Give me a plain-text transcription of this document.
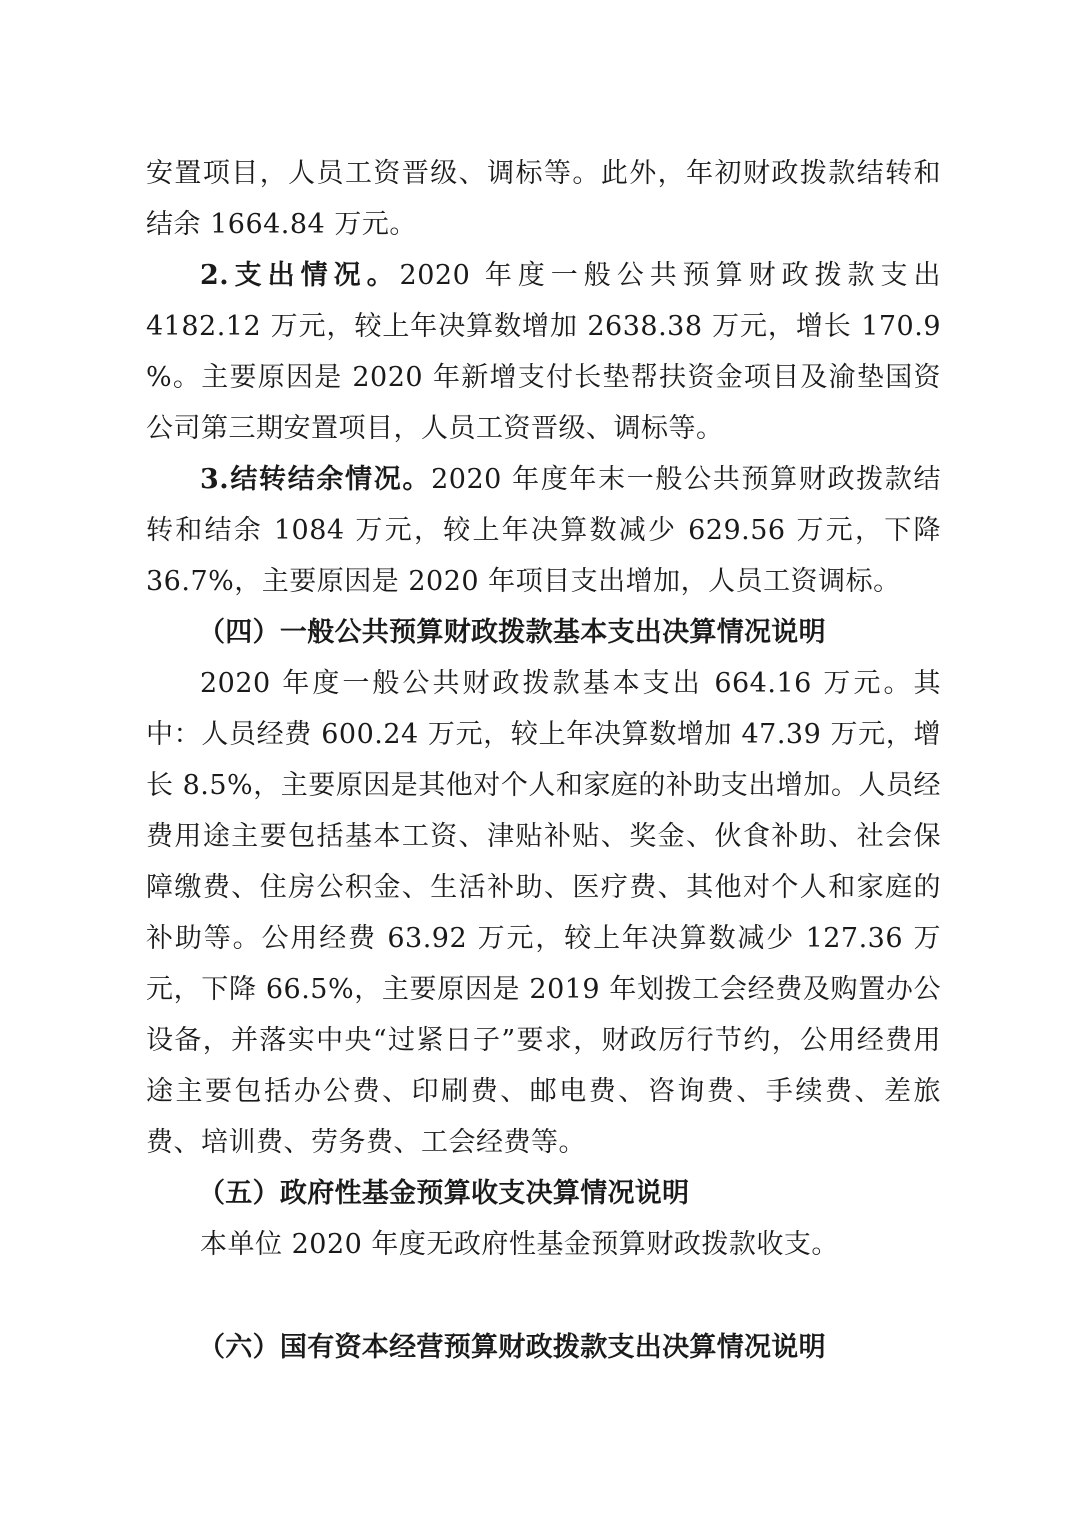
安置项目，人员工资晋级、调标等。此外，年初财政拨款结转和结余 1664.84 万元。

2.支出情况。2020 年度一般公共预算财政拨款支出 4182.12 万元，较上年决算数增加 2638.38 万元，增长 170.9 %。主要原因是 2020 年新增支付长垫帮扶资金项目及渝垫国资公司第三期安置项目，人员工资晋级、调标等。

3.结转结余情况。2020 年度年末一般公共预算财政拨款结转和结余 1084 万元，较上年决算数减少 629.56 万元，下降 36.7%，主要原因是 2020 年项目支出增加，人员工资调标。

（四）一般公共预算财政拨款基本支出决算情况说明

2020 年度一般公共财政拨款基本支出 664.16 万元。其中：人员经费 600.24 万元，较上年决算数增加 47.39 万元，增长 8.5%，主要原因是其他对个人和家庭的补助支出增加。人员经费用途主要包括基本工资、津贴补贴、奖金、伙食补助、社会保障缴费、住房公积金、生活补助、医疗费、其他对个人和家庭的补助等。公用经费 63.92 万元，较上年决算数减少 127.36 万元，下降 66.5%，主要原因是 2019 年划拨工会经费及购置办公设备，并落实中央“过紧日子”要求，财政厉行节约，公用经费用途主要包括办公费、印刷费、邮电费、咨询费、手续费、差旅费、培训费、劳务费、工会经费等。

（五）政府性基金预算收支决算情况说明

本单位 2020 年度无政府性基金预算财政拨款收支。

（六）国有资本经营预算财政拨款支出决算情况说明
